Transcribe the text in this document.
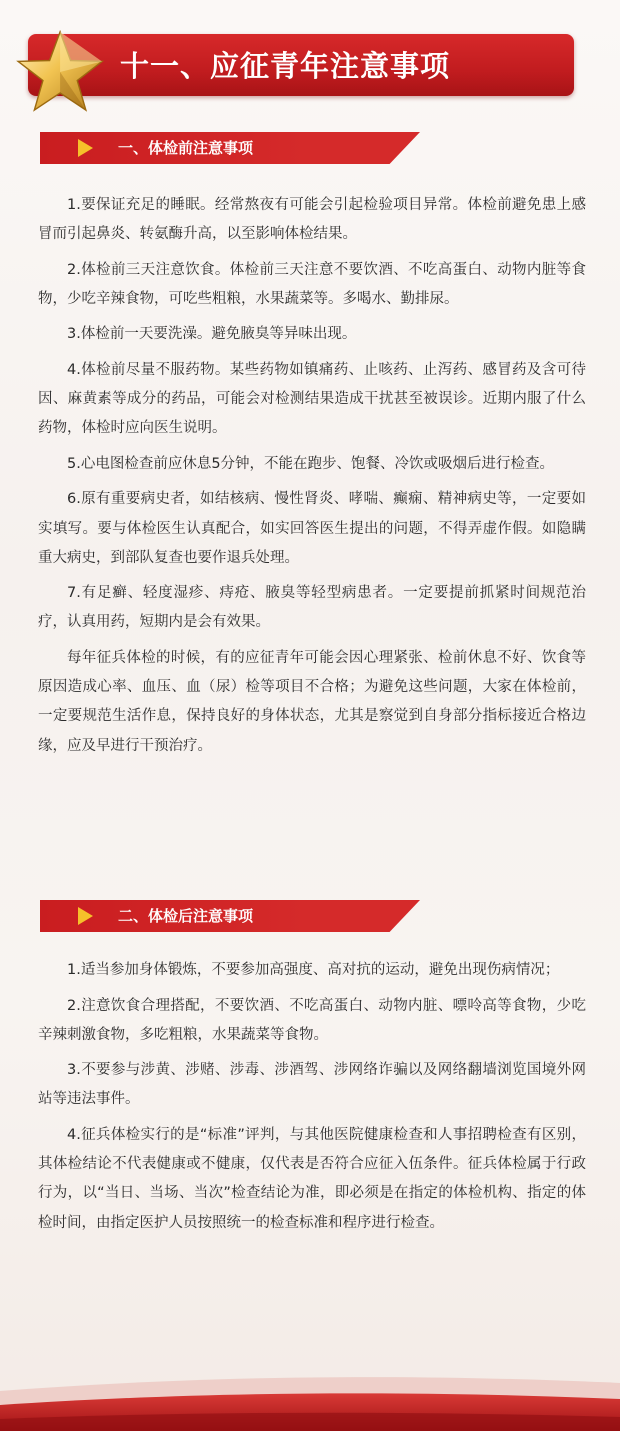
十一、应征青年注意事项
一、体检前注意事项

1.要保证充足的睡眠。经常熬夜有可能会引起检验项目异常。体检前避免患上感冒而引起鼻炎、转氨酶升高，以至影响体检结果。

2.体检前三天注意饮食。体检前三天注意不要饮酒、不吃高蛋白、动物内脏等食物，少吃辛辣食物，可吃些粗粮，水果蔬菜等。多喝水、勤排尿。

3.体检前一天要洗澡。避免腋臭等异味出现。

4.体检前尽量不服药物。某些药物如镇痛药、止咳药、止泻药、感冒药及含可待因、麻黄素等成分的药品，可能会对检测结果造成干扰甚至被误诊。近期内服了什么药物，体检时应向医生说明。

5.心电图检查前应休息5分钟，不能在跑步、饱餐、冷饮或吸烟后进行检查。

6.原有重要病史者，如结核病、慢性肾炎、哮喘、癫痫、精神病史等，一定要如实填写。要与体检医生认真配合，如实回答医生提出的问题，不得弄虚作假。如隐瞒重大病史，到部队复查也要作退兵处理。

7.有足癣、轻度湿疹、痔疮、腋臭等轻型病患者。一定要提前抓紧时间规范治疗，认真用药，短期内是会有效果。

每年征兵体检的时候，有的应征青年可能会因心理紧张、检前休息不好、饮食等原因造成心率、血压、血（尿）检等项目不合格；为避免这些问题，大家在体检前，一定要规范生活作息，保持良好的身体状态，尤其是察觉到自身部分指标接近合格边缘，应及早进行干预治疗。

二、体检后注意事项

1.适当参加身体锻炼，不要参加高强度、高对抗的运动，避免出现伤病情况；

2.注意饮食合理搭配，不要饮酒、不吃高蛋白、动物内脏、嘌呤高等食物，少吃辛辣刺激食物，多吃粗粮，水果蔬菜等食物。

3.不要参与涉黄、涉赌、涉毒、涉酒驾、涉网络诈骗以及网络翻墙浏览国境外网站等违法事件。

4.征兵体检实行的是“标准”评判，与其他医院健康检查和人事招聘检查有区别，其体检结论不代表健康或不健康，仅代表是否符合应征入伍条件。征兵体检属于行政行为，以“当日、当场、当次”检查结论为准，即必须是在指定的体检机构、指定的体检时间，由指定医护人员按照统一的检查标准和程序进行检查。
